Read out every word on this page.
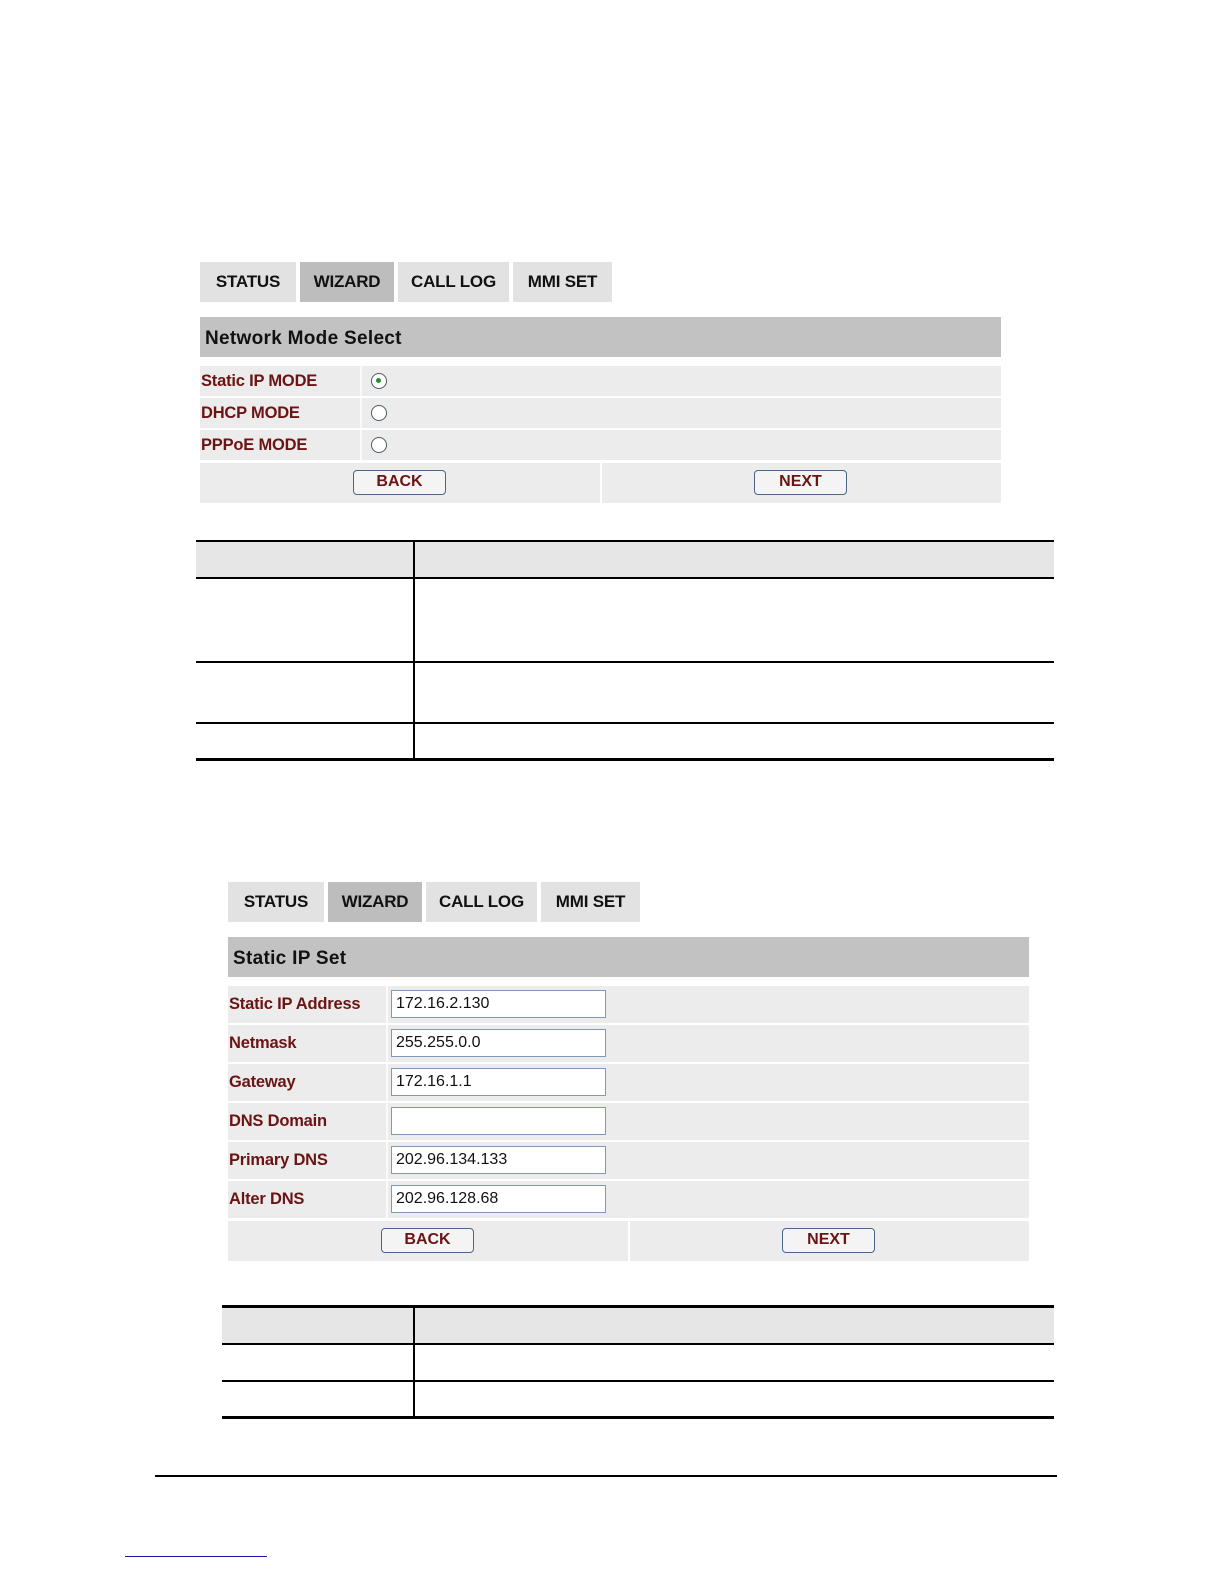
STATUS	WIZARD	CALL LOG	MMI SET
Network Mode Select
Static IP MODE
DHCP MODE
PPPoE MODE
BACK	NEXT
STATUS	WIZARD	CALL LOG	MMI SET
Static IP Set
Static IP Address	172.16.2.130
Netmask	255.255.0.0
Gateway	172.16.1.1
DNS Domain
Primary DNS	202.96.134.133
Alter DNS	202.96.128.68
BACK	NEXT
